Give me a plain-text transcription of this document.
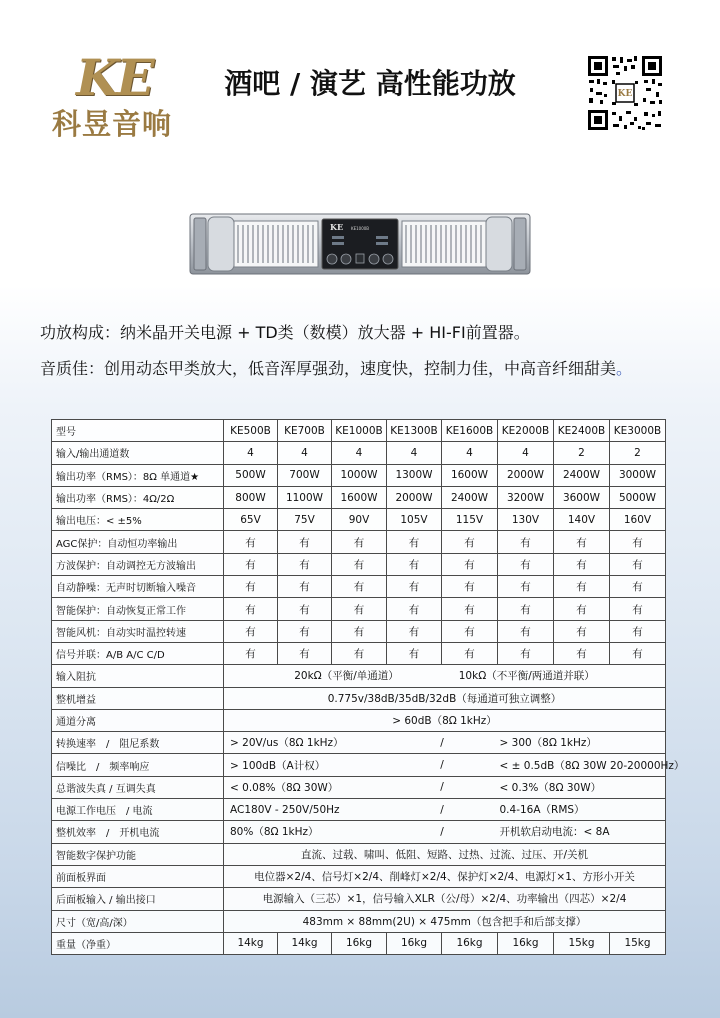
KE
科昱音响
酒吧 / 演艺 高性能功放	KE
KE KE1000B
功放构成：纳米晶开关电源 + TD类（数模）放大器 + HI-FI前置器。
音质佳：创用动态甲类放大，低音浑厚强劲，速度快，控制力佳，中高音纤细甜美。
型号	KE500B	KE700B	KE1000B	KE1300B	KE1600B	KE2000B	KE2400B	KE3000B
输入/输出通道数	4	4	4	4	4	4	2	2
输出功率（RMS）：8Ω 单通道★	500W	700W	1000W	1300W	1600W	2000W	2400W	3000W
输出功率（RMS）：4Ω/2Ω	800W	1100W	1600W	2000W	2400W	3200W	3600W	5000W
输出电压：< ±5%	65V	75V	90V	105V	115V	130V	140V	160V
AGC保护：自动恒功率输出	有	有	有	有	有	有	有	有
方波保护：自动调控无方波输出	有	有	有	有	有	有	有	有
自动静噪：无声时切断输入噪音	有	有	有	有	有	有	有	有
智能保护：自动恢复正常工作	有	有	有	有	有	有	有	有
智能风机：自动实时温控转速	有	有	有	有	有	有	有	有
信号并联：A/B A/C C/D	有	有	有	有	有	有	有	有
输入阻抗	20kΩ（平衡/单通道） 10kΩ（不平衡/两通道并联）							
整机增益	0.775v/38dB/35dB/32dB（每通道可独立调整）							
通道分离	> 60dB（8Ω 1kHz）							
转换速率　/　阻尼系数	> 20V/us（8Ω 1kHz）			/		> 300（8Ω 1kHz）		
信噪比　/　频率响应	> 100dB（A计权）			/		< ± 0.5dB（8Ω 30W 20-20000Hz）		
总谐波失真 / 互调失真	< 0.08%（8Ω 30W）			/		< 0.3%（8Ω 30W）		
电源工作电压　/ 电流	AC180V - 250V/50Hz			/		0.4-16A（RMS）		
整机效率　/　开机电流	80%（8Ω 1kHz）			/		开机软启动电流：< 8A		
智能数字保护功能	直流、过载、啸叫、低阻、短路、过热、过流、过压、开/关机							
前面板界面	电位器×2/4、信号灯×2/4、削峰灯×2/4、保护灯×2/4、电源灯×1、方形小开关							
后面板输入 / 输出接口	电源输入（三芯）×1，信号输入XLR（公/母）×2/4、功率输出（四芯）×2/4							
尺寸（宽/高/深）	483mm × 88mm(2U) × 475mm（包含把手和后部支撑）							
重量（净重）	14kg	14kg	16kg	16kg	16kg	16kg	15kg	15kg
